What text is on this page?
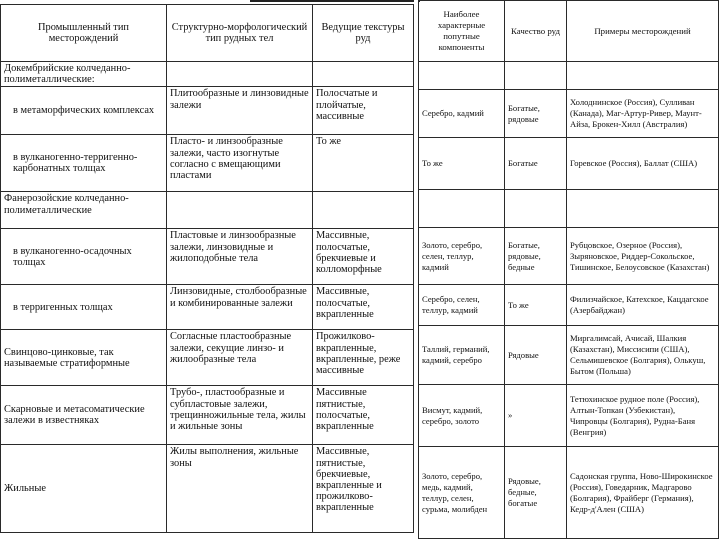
Промышленный тип месторождений	Структурно-морфологический тип рудных тел	Ведущие текстуры руд
Докембрийские колчеданно-полиметаллические:		
в метаморфических комплексах	Плитообразные и линзовидные залежи	Полосчатые и плойчатые, массивные
в вулканогенно-терригенно-карбонатных толщах	Пласто- и линзообразные залежи, часто изогнутые согласно с вмещающими пластами	То же
Фанерозойские колчеданно-полиметаллические		
в вулканогенно-осадочных толщах	Пластовые и линзообразные залежи, линзовидные и жилоподобные тела	Массивные, полосчатые, брекчиевые и колломорфные
в терригенных толщах	Линзовидные, столбообразные и комбинированные залежи	Массивные, полосчатые, вкрапленные
Свинцово-цинковые, так называемые стратиформные	Согласные пластообразные залежи, секущие линзо- и жилообразные тела	Прожилково-вкрапленные, вкрапленные, реже массивные
Скарновые и метасоматические залежи в известняках	Трубо-, пластообразные и субпластовые залежи, трещинножильные тела, жилы и жильные зоны	Массивные пятнистые, полосчатые, вкрапленные
Жильные	Жилы выполнения, жильные зоны	Массивные, пятнистые, брекчиевые, вкрапленные и прожилково-вкрапленные
Наиболее характерные попутные компоненты	Качество руд	Примеры месторождений

Серебро, кадмий	Богатые, рядовые	Холоднинское (Россия), Сулливан (Канада), Маг-Артур-Ривер, Маунт-Айза, Брокен-Хилл (Австралия)
То же	Богатые	Горевское (Россия), Баллат (США)

Золото, серебро, селен, теллур, кадмий	Богатые, рядовые, бедные	Рубцовское, Озерное (Россия), Зыряновское, Риддер-Сокольское, Тишинское, Белоусовское (Казахстан)
Серебро, селен, теллур, кадмий	То же	Филизчайское, Катехское, Кацдагское (Азербайджан)
Таллий, германий, кадмий, серебро	Рядовые	Миргалимсай, Ачисай, Шалкия (Казахстан), Миссисипи (США), Сельмишевское (Болгария), Олькуш, Бытом (Польша)
Висмут, кадмий, серебро, золото	»	Тетюхинское рудное поле (Россия), Алтын-Топкан (Узбекистан), Чипровцы (Болгария), Рудна-Баня (Венгрия)
Золото, серебро, медь, кадмий, теллур, селен, сурьма, молибден	Рядовые, бедные, богатые	Садонская группа, Ново-Широкинское (Россия), Говедарник, Мадгарово (Болгария), Фрайберг (Германия), Кедр-д'Ален (США)
